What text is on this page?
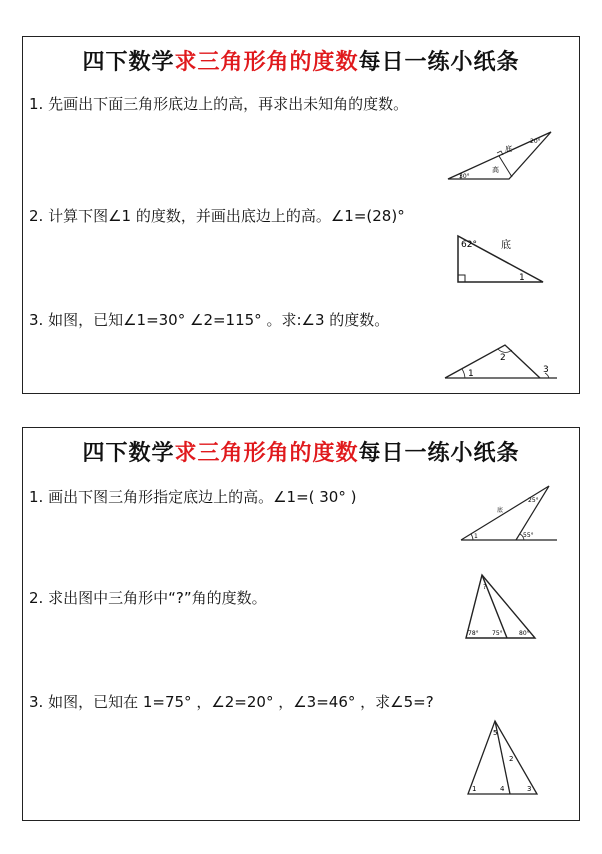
四下数学求三角形角的度数每日一练小纸条
1. 先画出下面三角形底边上的高，再求出未知角的度数。
底
高
30°
20°
2. 计算下图∠1 的度数，并画出底边上的高。∠1=(28)°
62° 底
1
3. 如图，已知∠1=30° ∠2=115° 。求:∠3 的度数。
1
2
3
四下数学求三角形角的度数每日一练小纸条
1. 画出下图三角形指定底边上的高。∠1=( 30° )
底
25°
55°
1
2. 求出图中三角形中“?”角的度数。
?
78° 75°	80°
3. 如图，已知在 1=75° ，∠2=20° ，∠3=46° ，求∠5=?
5
2
1	4	3
